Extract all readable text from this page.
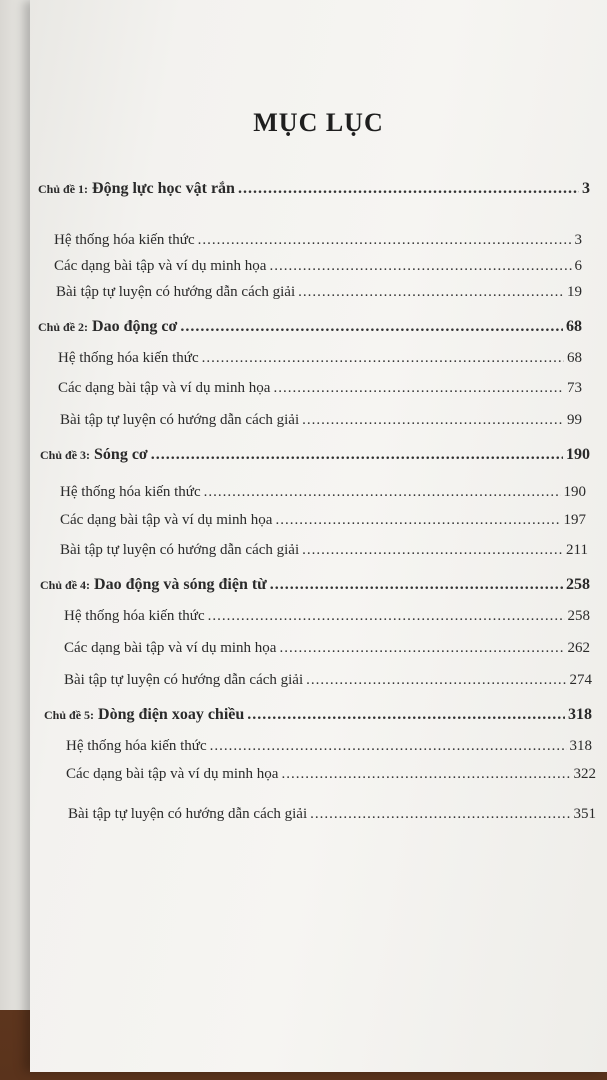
MỤC LỤC
Chủ đề 1: Động lực học vật rắn .....	3
Hệ thống hóa kiến thức .....	3
Các dạng bài tập và ví dụ minh họa .....	6
Bài tập tự luyện có hướng dẫn cách giải .....	19
Chủ đề 2: Dao động cơ .....	68
Hệ thống hóa kiến thức .....	68
Các dạng bài tập và ví dụ minh họa .....	73
Bài tập tự luyện có hướng dẫn cách giải .....	99
Chủ đề 3: Sóng cơ .....	190
Hệ thống hóa kiến thức .....	190
Các dạng bài tập và ví dụ minh họa .....	197
Bài tập tự luyện có hướng dẫn cách giải .....	211
Chủ đề 4: Dao động và sóng điện từ .....	258
Hệ thống hóa kiến thức .....	258
Các dạng bài tập và ví dụ minh họa .....	262
Bài tập tự luyện có hướng dẫn cách giải .....	274
Chủ đề 5: Dòng điện xoay chiều .....	318
Hệ thống hóa kiến thức .....	318
Các dạng bài tập và ví dụ minh họa .....	322
Bài tập tự luyện có hướng dẫn cách giải .....	351
